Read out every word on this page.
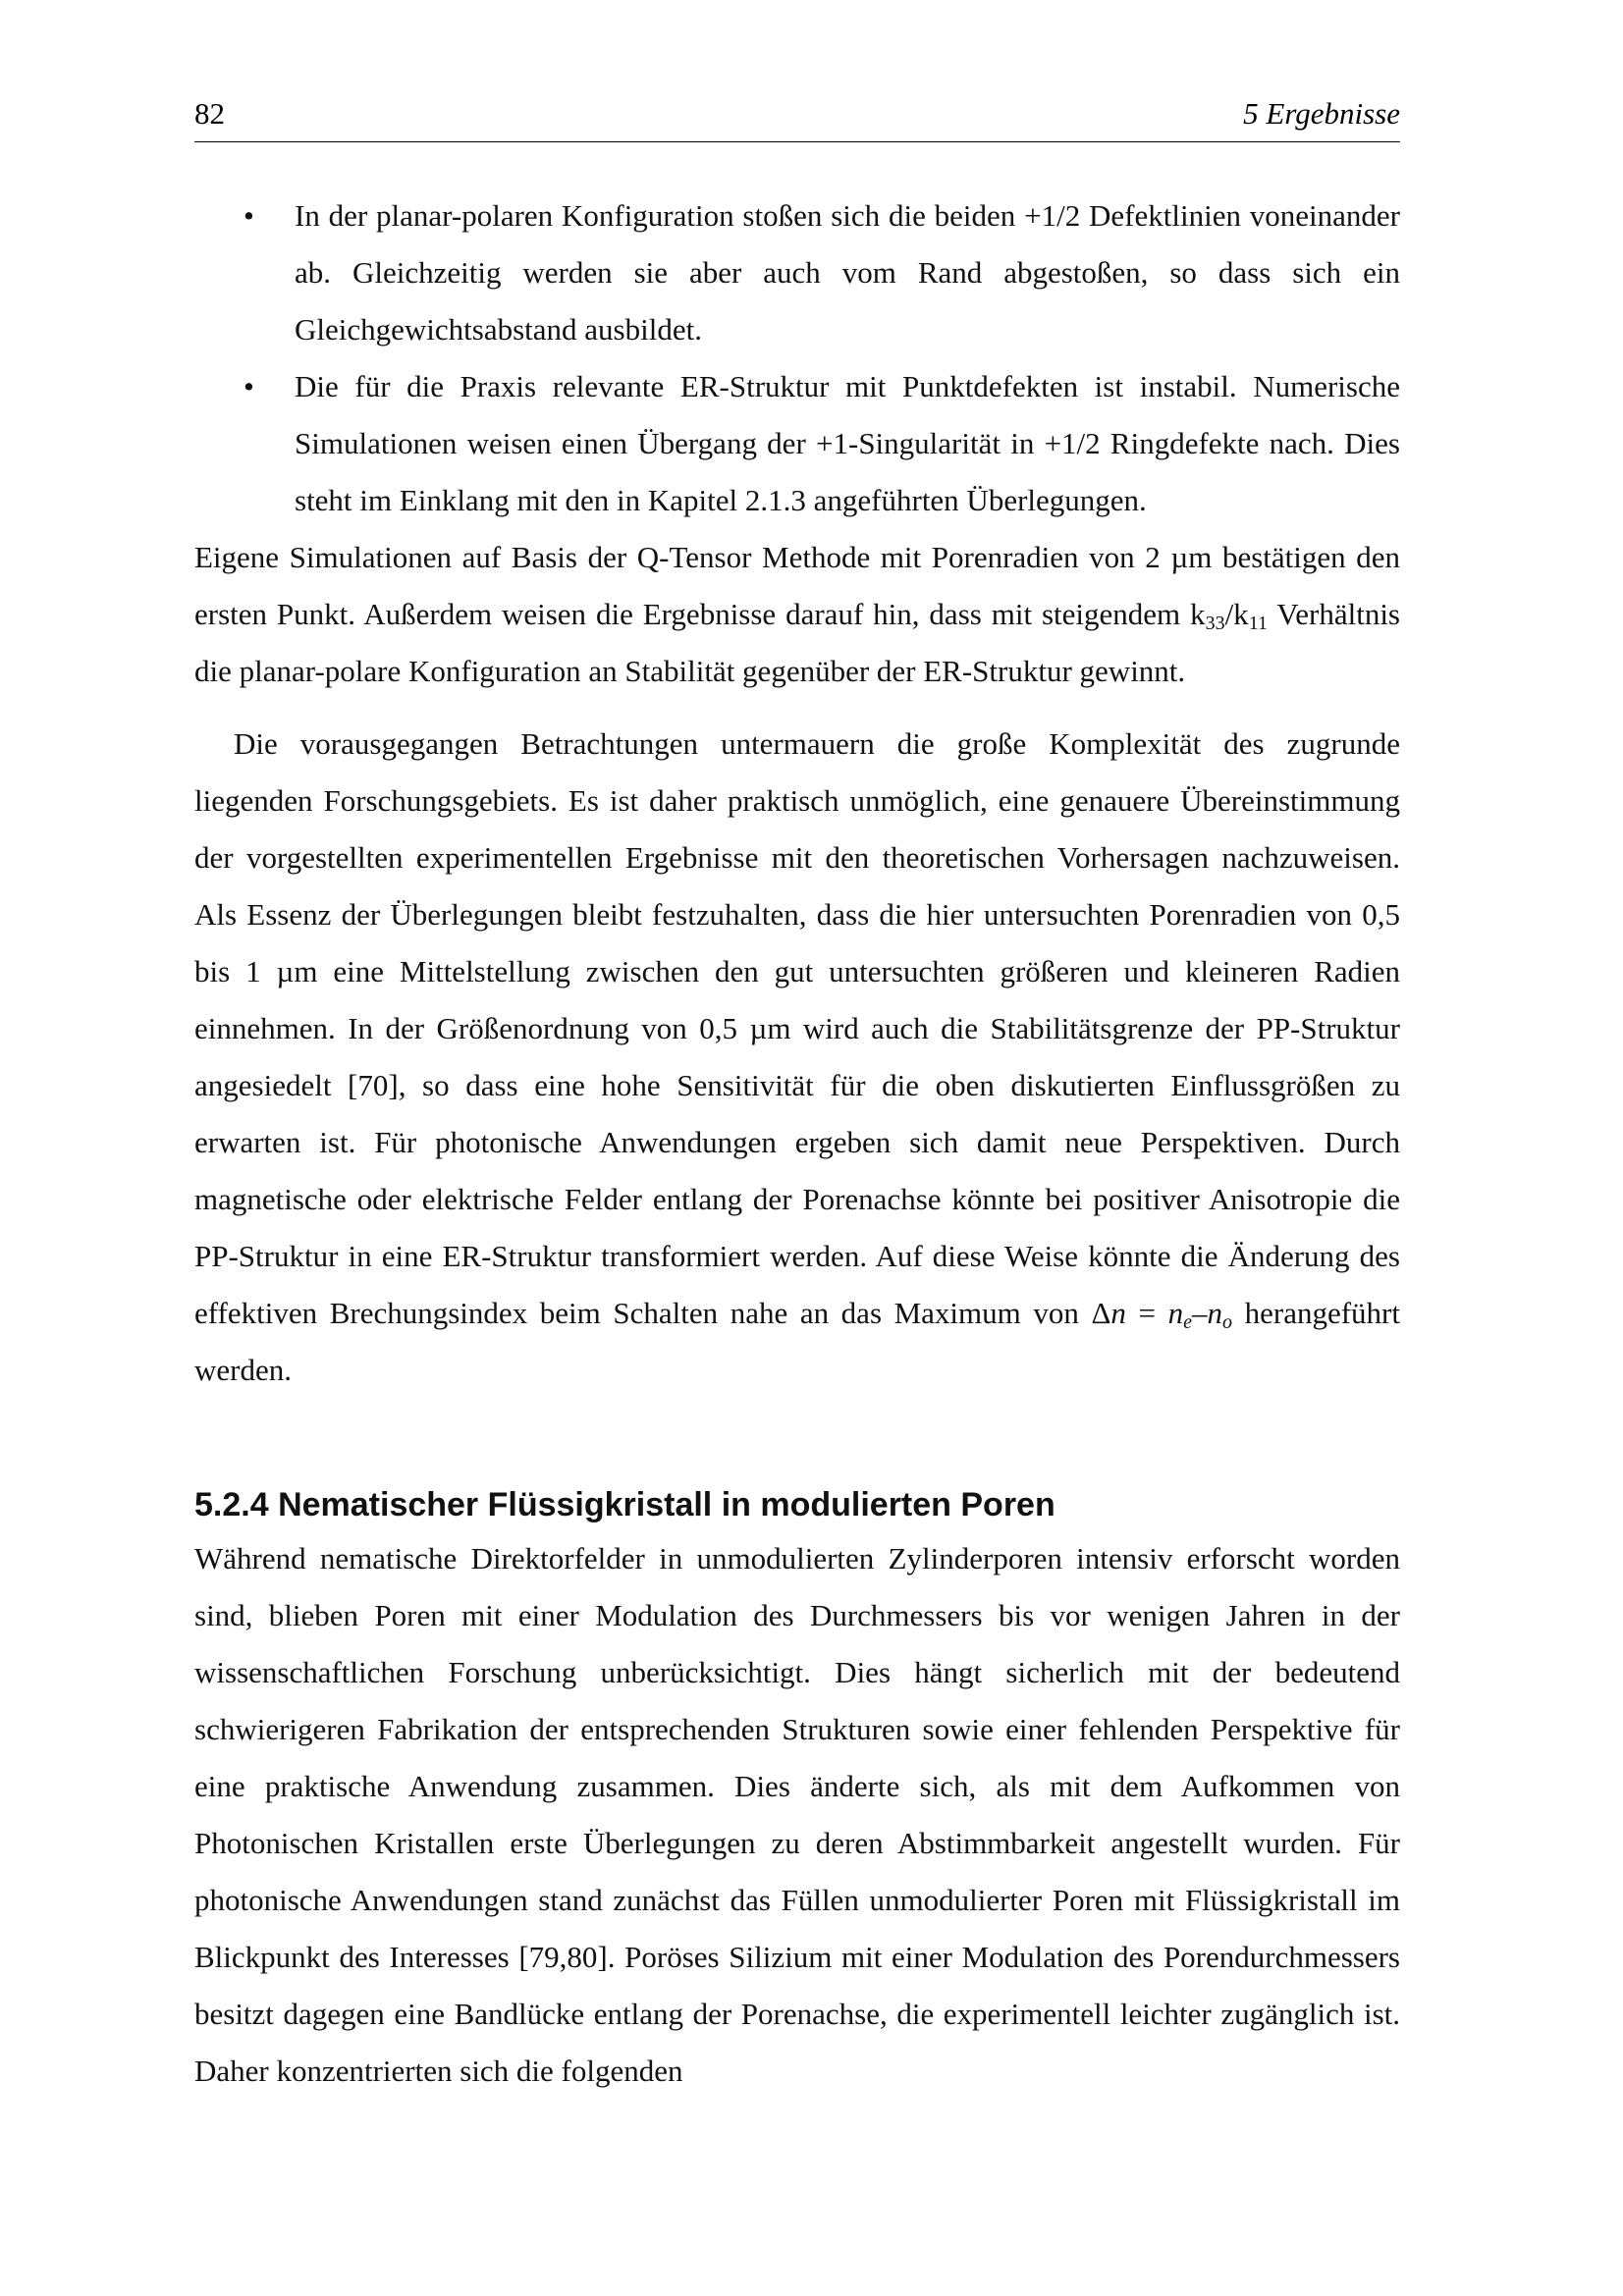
82	5 Ergebnisse
• In der planar-polaren Konfiguration stoßen sich die beiden +1/2 Defektlinien voneinander ab. Gleichzeitig werden sie aber auch vom Rand abgestoßen, so dass sich ein Gleichgewichtsabstand ausbildet.
• Die für die Praxis relevante ER-Struktur mit Punktdefekten ist instabil. Numerische Simulationen weisen einen Übergang der +1-Singularität in +1/2 Ringdefekte nach. Dies steht im Einklang mit den in Kapitel 2.1.3 angeführten Überlegungen.

Eigene Simulationen auf Basis der Q-Tensor Methode mit Porenradien von 2 µm bestätigen den ersten Punkt. Außerdem weisen die Ergebnisse darauf hin, dass mit steigendem $k_{33}/k_{11}$ Verhältnis die planar-polare Konfiguration an Stabilität gegenüber der ER-Struktur gewinnt.

Die vorausgegangen Betrachtungen untermauern die große Komplexität des zugrunde liegenden Forschungsgebiets. Es ist daher praktisch unmöglich, eine genauere Übereinstimmung der vorgestellten experimentellen Ergebnisse mit den theoretischen Vorhersagen nachzuweisen. Als Essenz der Überlegungen bleibt festzuhalten, dass die hier untersuchten Porenradien von 0,5 bis 1 µm eine Mittelstellung zwischen den gut untersuchten größeren und kleineren Radien einnehmen. In der Größenordnung von 0,5 µm wird auch die Stabilitätsgrenze der PP-Struktur angesiedelt [70], so dass eine hohe Sensitivität für die oben diskutierten Einflussgrößen zu erwarten ist. Für photonische Anwendungen ergeben sich damit neue Perspektiven. Durch magnetische oder elektrische Felder entlang der Porenachse könnte bei positiver Anisotropie die PP-Struktur in eine ER-Struktur transformiert werden. Auf diese Weise könnte die Änderung des effektiven Brechungsindex beim Schalten nahe an das Maximum von $\Delta n = n_e-n_o$ herangeführt werden.

5.2.4 Nematischer Flüssigkristall in modulierten Poren

Während nematische Direktorfelder in unmodulierten Zylinderporen intensiv erforscht worden sind, blieben Poren mit einer Modulation des Durchmessers bis vor wenigen Jahren in der wissenschaftlichen Forschung unberücksichtigt. Dies hängt sicherlich mit der bedeutend schwierigeren Fabrikation der entsprechenden Strukturen sowie einer fehlenden Perspektive für eine praktische Anwendung zusammen. Dies änderte sich, als mit dem Aufkommen von Photonischen Kristallen erste Überlegungen zu deren Abstimmbarkeit angestellt wurden. Für photonische Anwendungen stand zunächst das Füllen unmodulierter Poren mit Flüssigkristall im Blickpunkt des Interesses [79,80]. Poröses Silizium mit einer Modulation des Porendurchmessers besitzt dagegen eine Bandlücke entlang der Porenachse, die experimentell leichter zugänglich ist. Daher konzentrierten sich die folgenden
